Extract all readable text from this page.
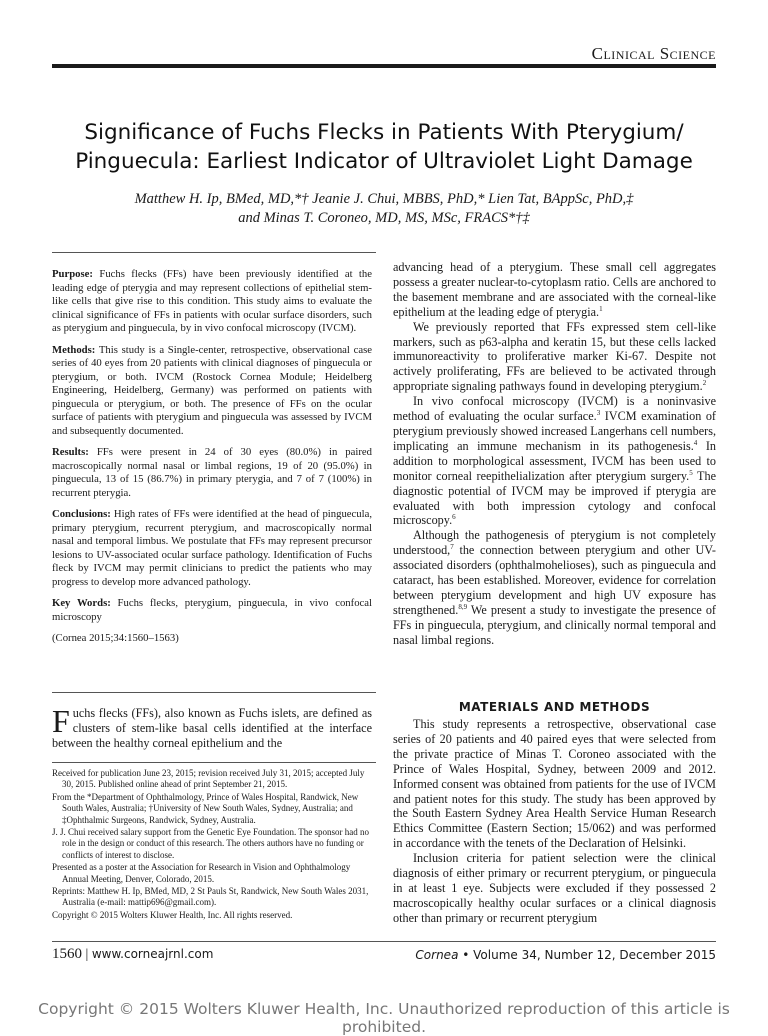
Clinical Science
Significance of Fuchs Flecks in Patients With Pterygium/ Pinguecula: Earliest Indicator of Ultraviolet Light Damage
Matthew H. Ip, BMed, MD,*† Jeanie J. Chui, MBBS, PhD,* Lien Tat, BAppSc, PhD,‡
and Minas T. Coroneo, MD, MS, MSc, FRACS*†‡

Purpose: Fuchs flecks (FFs) have been previously identified at the leading edge of pterygia and may represent collections of epithelial stem-like cells that give rise to this condition. This study aims to evaluate the clinical significance of FFs in patients with ocular surface disorders, such as pterygium and pinguecula, by in vivo confocal microscopy (IVCM).

Methods: This study is a Single-center, retrospective, observational case series of 40 eyes from 20 patients with clinical diagnoses of pinguecula or pterygium, or both. IVCM (Rostock Cornea Module; Heidelberg Engineering, Heidelberg, Germany) was performed on patients with pinguecula or pterygium, or both. The presence of FFs on the ocular surface of patients with pterygium and pinguecula was assessed by IVCM and subsequently documented.

Results: FFs were present in 24 of 30 eyes (80.0%) in paired macroscopically normal nasal or limbal regions, 19 of 20 (95.0%) in pinguecula, 13 of 15 (86.7%) in primary pterygia, and 7 of 7 (100%) in recurrent pterygia.

Conclusions: High rates of FFs were identified at the head of pinguecula, primary pterygium, recurrent pterygium, and macroscopically normal nasal and temporal limbus. We postulate that FFs may represent precursor lesions to UV-associated ocular surface pathology. Identification of Fuchs fleck by IVCM may permit clinicians to predict the patients who may progress to develop more advanced pathology.

Key Words: Fuchs flecks, pterygium, pinguecula, in vivo confocal microscopy

(Cornea 2015;34:1560–1563)

Fuchs flecks (FFs), also known as Fuchs islets, are defined as clusters of stem-like basal cells identified at the interface between the healthy corneal epithelium and the

Received for publication June 23, 2015; revision received July 31, 2015; accepted July 30, 2015. Published online ahead of print September 21, 2015.

From the *Department of Ophthalmology, Prince of Wales Hospital, Randwick, New South Wales, Australia; †University of New South Wales, Sydney, Australia; and ‡Ophthalmic Surgeons, Randwick, Sydney, Australia.

J. J. Chui received salary support from the Genetic Eye Foundation. The sponsor had no role in the design or conduct of this research. The others authors have no funding or conflicts of interest to disclose.

Presented as a poster at the Association for Research in Vision and Ophthalmology Annual Meeting, Denver, Colorado, 2015.

Reprints: Matthew H. Ip, BMed, MD, 2 St Pauls St, Randwick, New South Wales 2031, Australia (e-mail: mattip696@gmail.com).

Copyright © 2015 Wolters Kluwer Health, Inc. All rights reserved.

advancing head of a pterygium. These small cell aggregates possess a greater nuclear-to-cytoplasm ratio. Cells are anchored to the basement membrane and are associated with the corneal-like epithelium at the leading edge of pterygia.$^1$

We previously reported that FFs expressed stem cell-like markers, such as p63-alpha and keratin 15, but these cells lacked immunoreactivity to proliferative marker Ki-67. Despite not actively proliferating, FFs are believed to be activated through appropriate signaling pathways found in developing pterygium.$^2$

In vivo confocal microscopy (IVCM) is a noninvasive method of evaluating the ocular surface.$^3$ IVCM examination of pterygium previously showed increased Langerhans cell numbers, implicating an immune mechanism in its pathogenesis.$^4$ In addition to morphological assessment, IVCM has been used to monitor corneal reepithelialization after pterygium surgery.$^5$ The diagnostic potential of IVCM may be improved if pterygia are evaluated with both impression cytology and confocal microscopy.$^6$

Although the pathogenesis of pterygium is not completely understood,$^7$ the connection between pterygium and other UV-associated disorders (ophthalmohelioses), such as pinguecula and cataract, has been established. Moreover, evidence for correlation between pterygium development and high UV exposure has strengthened.$^{8,9}$ We present a study to investigate the presence of FFs in pinguecula, pterygium, and clinically normal temporal and nasal limbal regions.

MATERIALS AND METHODS

This study represents a retrospective, observational case series of 20 patients and 40 paired eyes that were selected from the private practice of Minas T. Coroneo associated with the Prince of Wales Hospital, Sydney, between 2009 and 2012. Informed consent was obtained from patients for the use of IVCM and patient notes for this study. The study has been approved by the South Eastern Sydney Area Health Service Human Research Ethics Committee (Eastern Section; 15/062) and was performed in accordance with the tenets of the Declaration of Helsinki.

Inclusion criteria for patient selection were the clinical diagnosis of either primary or recurrent pterygium, or pinguecula in at least 1 eye. Subjects were excluded if they possessed 2 macroscopically healthy ocular surfaces or a clinical diagnosis other than primary or recurrent pterygium

1560 | www.corneajrnl.com	Cornea • Volume 34, Number 12, December 2015
Copyright © 2015 Wolters Kluwer Health, Inc. Unauthorized reproduction of this article is prohibited.
